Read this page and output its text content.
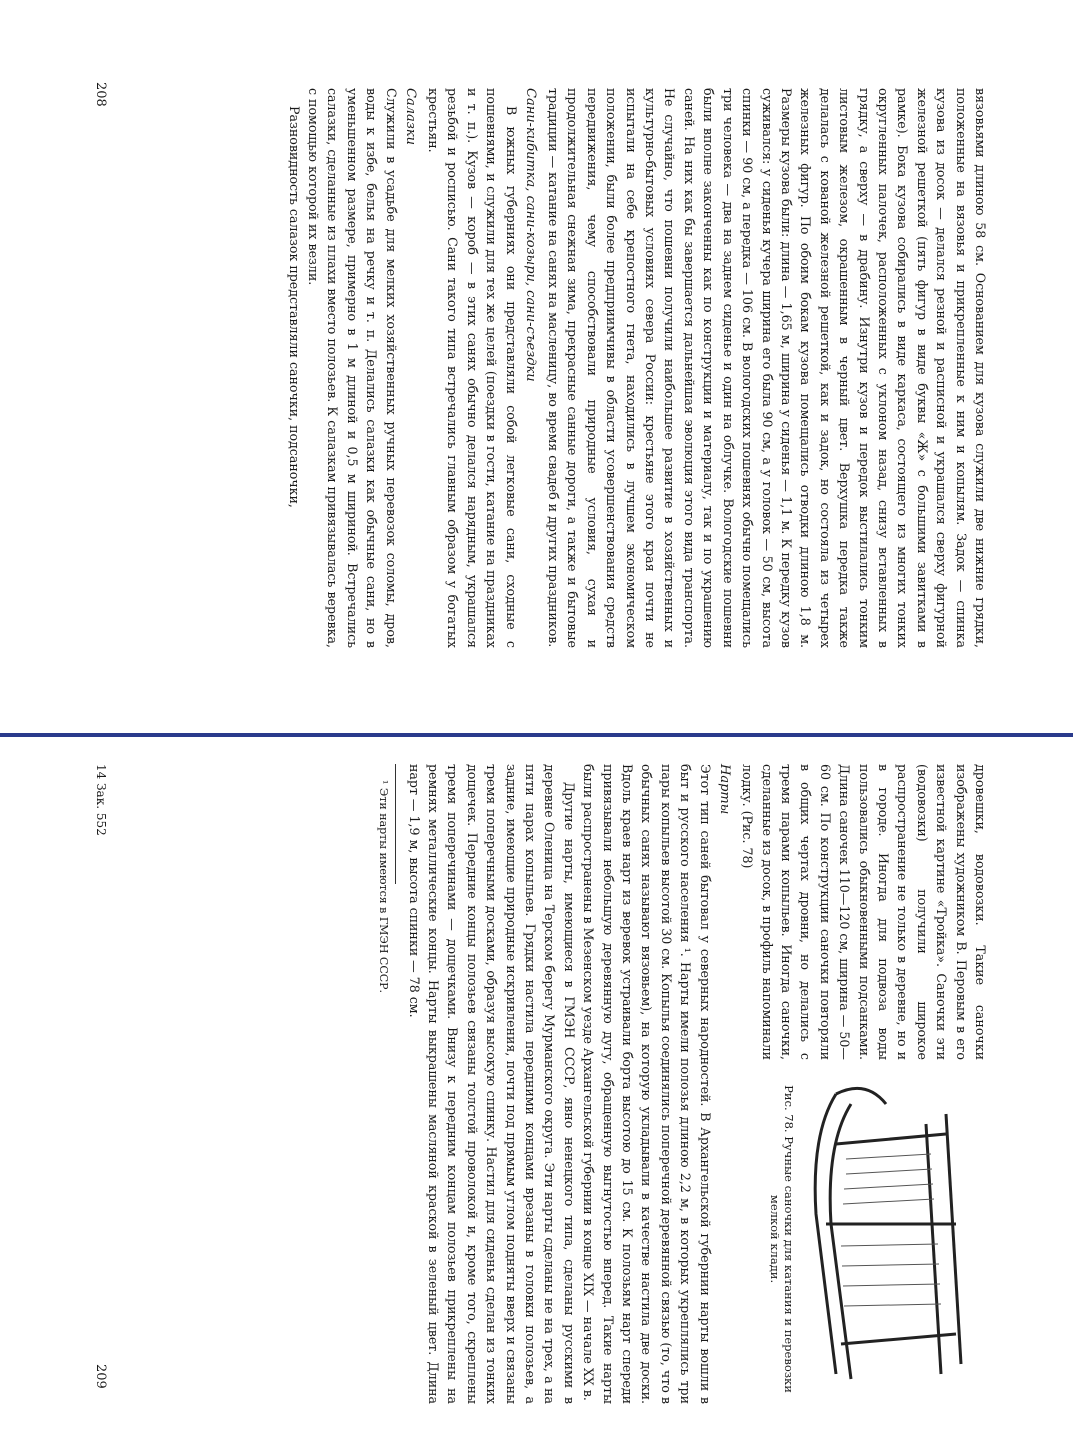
вязовьями длиною 58 см. Основанием для кузова служили две нижние грядки, положенные на вязовья и прикрепленные к ним и копылям. Задок — спинка кузова из досок — делался резной и расписной и украшался сверху фигурной железной решеткой (пять фигур в виде буквы «Ж» с большими завитками в рамке). Бока кузова собирались в виде каркаса, состоящего из многих тонких округленных палочек, расположенных с уклоном назад, снизу вставленных в грядку, а сверху — в драбину. Изнутри кузов и передок выстилались тонким листовым железом, окрашенным в черный цвет. Верхушка передка также делалась с ковaной железной решеткой, как и задок, но состояла из четырех железных фигур. По обоим бокам кузова помещались отводки длиною 1,8 м. Размеры кузова были: длина — 1,65 м, ширина у сиденья — 1,1 м. К передку кузов суживался: у сиденья кучера ширина его была 90 см, а у головок — 50 см, высота спинки — 90 см, а передка — 106 см. В вологодских пошевнях обычно помещались три человека — два на заднем сиденье и один на облучке. Вологодские пошевни были вполне законченны как по конструкции и материалу, так и по украшению саней. На них как бы завершается дальнейшая эволюция этого вида транспорта. Не случайно, что пошевни получили наибольшее развитие в хозяйственных и культурно-бытовых условиях севера России: крестьяне этого края почти не испытали на себе крепостного гнета, находились в лучшем экономическом положении, были более предприимчивы в области усовершенствования средств передвижения, чему способствовали природные условия, сухая и продолжительная снежная зима, прекрасные санные дороги, а также и бытовые традиции — катание на санях на масленицу, во время свадеб и других праздников.

Сани-кибитка, сани-козыри, сани-съездки

В южных губерниях они представляли собой легковые сани, сходные с пошевнями, и служили для тех же целей (поездки в гости, катание на праздниках и т. п.). Кузов — короб — в этих санях обычно делался нарядным, украшался резьбой и росписью. Сани такого типа встречались главным образом у богатых крестьян.

Салазки

Служили в усадьбе для мелких хозяйственных ручных перевозок соломы, дров, воды к избе, белья на речку и т. п. Делались салазки как обычные сани, но в уменьшенном размере, примерно в 1 м длиной и 0,5 м шириной. Встречались салазки, сделанные из плахи вместо полозьев. К салазкам привязывалась веревка, с помощью которой их везли.

Разновидность салазок представляли саночки, подсаночки,

208
Рис. 78. Ручные саночки для катания и перевозки мелкой клади.

дровешки, водовозки. Такие саночки изображены художником В. Перовым в его известной картине «Тройка». Саночки эти (водовозки) получили широкое распространение не только в деревне, но и в городе. Иногда для подвоза воды пользовались обыкновенными подсанками. Длина саночек 110—120 см, ширина — 50—60 см. По конструкции саночки повторяли в общих чертах дровни, но делались с тремя парами копыльев. Иногда саночки, сделанные из досок, в профиль напоминали лодку. (Рис. 78)

Нарты

Этот тип саней бытовал у северных народностей. В Архангельской губернии нарты вошли в быт и русского населения ¹. Нарты имели полозья длиною 2,2 м, в которых укреплялись три пары копыльев высотой 30 см. Копылья соединялись поперечной деревянной связью (то, что в обычных санях называют вязовьем), на которую укладывали в качестве настила две доски. Вдоль краев нарт из веревок устраивали борта высотою до 15 см. К полозьям нарт спереди привязывали небольшую деревянную дугу, обращенную выгнутостью вперед. Такие нарты были распространены в Мезенском уезде Архангельской губернии в конце XIX — начале XX в.

Другие нарты, имеющиеся в ГМЭН СССР, явно ненецкого типа, сделаны русскими в деревне Оленица на Терском берегу Мурманского округа. Эти нарты сделаны не на трех, а на пяти парах копыльев. Грядки настила передними концами врезаны в головки полозьев, а задние, имеющие природные искривления, почти под прямым углом подняты вверх и связаны тремя поперечными досками, образуя высокую спинку. Настил для сиденья сделан из тонких дощечек. Передние концы полозьев связаны толстой проволокой и, кроме того, скреплены тремя поперечинами — дощечками. Внизу к передним концам полозьев прикреплены на ремнях металлические концы. Нарты выкрашены масляной краской в зеленый цвет. Длина нарт — 1,9 м, высота спинки — 78 см.

¹ Эти нарты имеются в ГМЭН СССР.
14 Зак. 552
209
